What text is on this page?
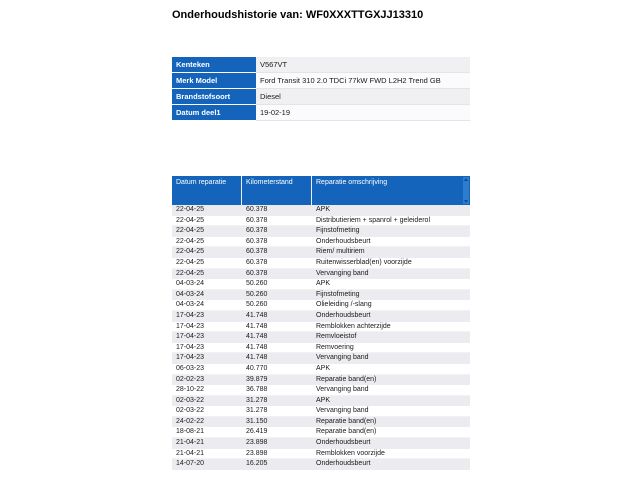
Onderhoudshistorie van: WF0XXXTTGXJJ13310
Kenteken	V567VT
Merk Model	Ford Transit 310 2.0 TDCi 77kW FWD L2H2 Trend GB
Brandstofsoort	Diesel
Datum deel1	19-02-19
Datum reparatie	Kilometerstand	Reparatie omschrijving
22-04-25	60.378	APK
22-04-25	60.378	Distributieriem + spanrol + geleiderol
22-04-25	60.378	Fijnstofmeting
22-04-25	60.378	Onderhoudsbeurt
22-04-25	60.378	Riem/ multiriem
22-04-25	60.378	Ruitenwisserblad(en) voorzijde
22-04-25	60.378	Vervanging band
04-03-24	50.260	APK
04-03-24	50.260	Fijnstofmeting
04-03-24	50.260	Olieleiding /-slang
17-04-23	41.748	Onderhoudsbeurt
17-04-23	41.748	Remblokken achterzijde
17-04-23	41.748	Remvloeistof
17-04-23	41.748	Remvoering
17-04-23	41.748	Vervanging band
06-03-23	40.770	APK
02-02-23	39.879	Reparatie band(en)
28-10-22	36.788	Vervanging band
02-03-22	31.278	APK
02-03-22	31.278	Vervanging band
24-02-22	31.150	Reparatie band(en)
18-08-21	26.419	Reparatie band(en)
21-04-21	23.898	Onderhoudsbeurt
21-04-21	23.898	Remblokken voorzijde
14-07-20	16.205	Onderhoudsbeurt
